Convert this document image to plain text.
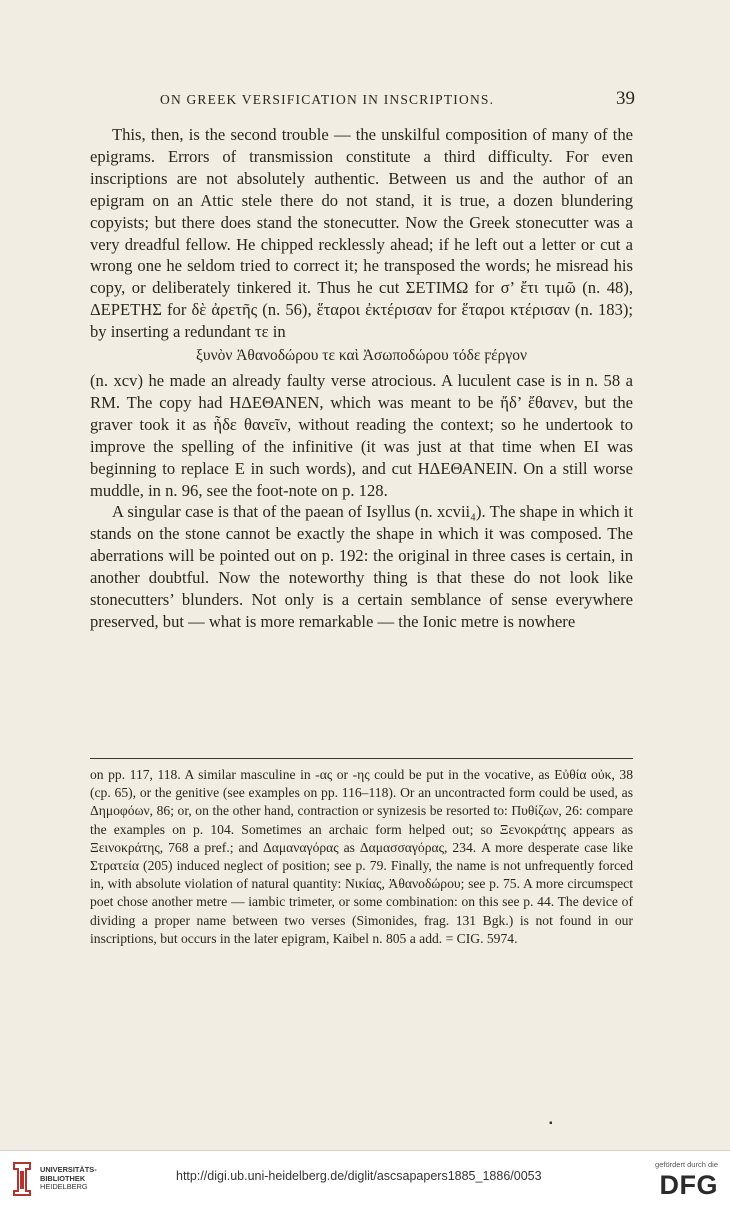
ON GREEK VERSIFICATION IN INSCRIPTIONS.	39

This, then, is the second trouble — the unskilful composition of many of the epigrams. Errors of transmission constitute a third difficulty. For even inscriptions are not absolutely authentic. Between us and the author of an epigram on an Attic stele there do not stand, it is true, a dozen blundering copyists; but there does stand the stonecutter. Now the Greek stonecutter was a very dreadful fellow. He chipped recklessly ahead; if he left out a letter or cut a wrong one he seldom tried to correct it; he transposed the words; he misread his copy, or deliberately tinkered it. Thus he cut ΣΕΤΙΜΩ for σ’ ἔτι τιμῶ (n. 48), ΔΕΡΕΤΗΣ for δὲ ἀρετῆς (n. 56), ἕταροι ἐκτέρισαν for ἕταροι κτέρισαν (n. 183); by inserting a redundant τε in

ξυνὸν Ἀθανοδώρου τε καὶ Ἀσωποδώρου τόδε ϝέργον

(n. xcv) he made an already faulty verse atrocious. A luculent case is in n. 58 a RM. The copy had ΗΔΕΘΑΝΕΝ, which was meant to be ἤδ’ ἔθανεν, but the graver took it as ἦδε θανεῖν, without reading the context; so he undertook to improve the spelling of the infinitive (it was just at that time when ΕΙ was beginning to replace Ε in such words), and cut ΗΔΕΘΑΝΕΙΝ. On a still worse muddle, in n. 96, see the foot-note on p. 128.

A singular case is that of the paean of Isyllus (n. xcvii₄). The shape in which it stands on the stone cannot be exactly the shape in which it was composed. The aberrations will be pointed out on p. 192: the original in three cases is certain, in another doubtful. Now the noteworthy thing is that these do not look like stonecutters’ blunders. Not only is a certain semblance of sense everywhere preserved, but — what is more remarkable — the Ionic metre is nowhere

on pp. 117, 118. A similar masculine in -ας or -ης could be put in the vocative, as Εὐθία οὐκ, 38 (cp. 65), or the genitive (see examples on pp. 116–118). Or an uncontracted form could be used, as Δημοφόων, 86; or, on the other hand, contraction or synizesis be resorted to: Πυθίζων, 26: compare the examples on p. 104. Sometimes an archaic form helped out; so Ξενοκράτης appears as Ξεινοκράτης, 768 a pref.; and Δαμαναγόρας as Δαμασσαγόρας, 234. A more desperate case like Στρατεία (205) induced neglect of position; see p. 79. Finally, the name is not unfrequently forced in, with absolute violation of natural quantity: Νικίας, Ἀθανοδώρου; see p. 75. A more circumspect poet chose another metre — iambic trimeter, or some combination: on this see p. 44. The device of dividing a proper name between two verses (Simonides, frag. 131 Bgk.) is not found in our inscriptions, but occurs in the later epigram, Kaibel n. 805 a add. = CIG. 5974.

▪
UNIVERSITÄTS-
BIBLIOTHEK
HEIDELBERG
http://digi.ub.uni-heidelberg.de/diglit/ascsapapers1885_1886/0053
gefördert durch die
DFG
